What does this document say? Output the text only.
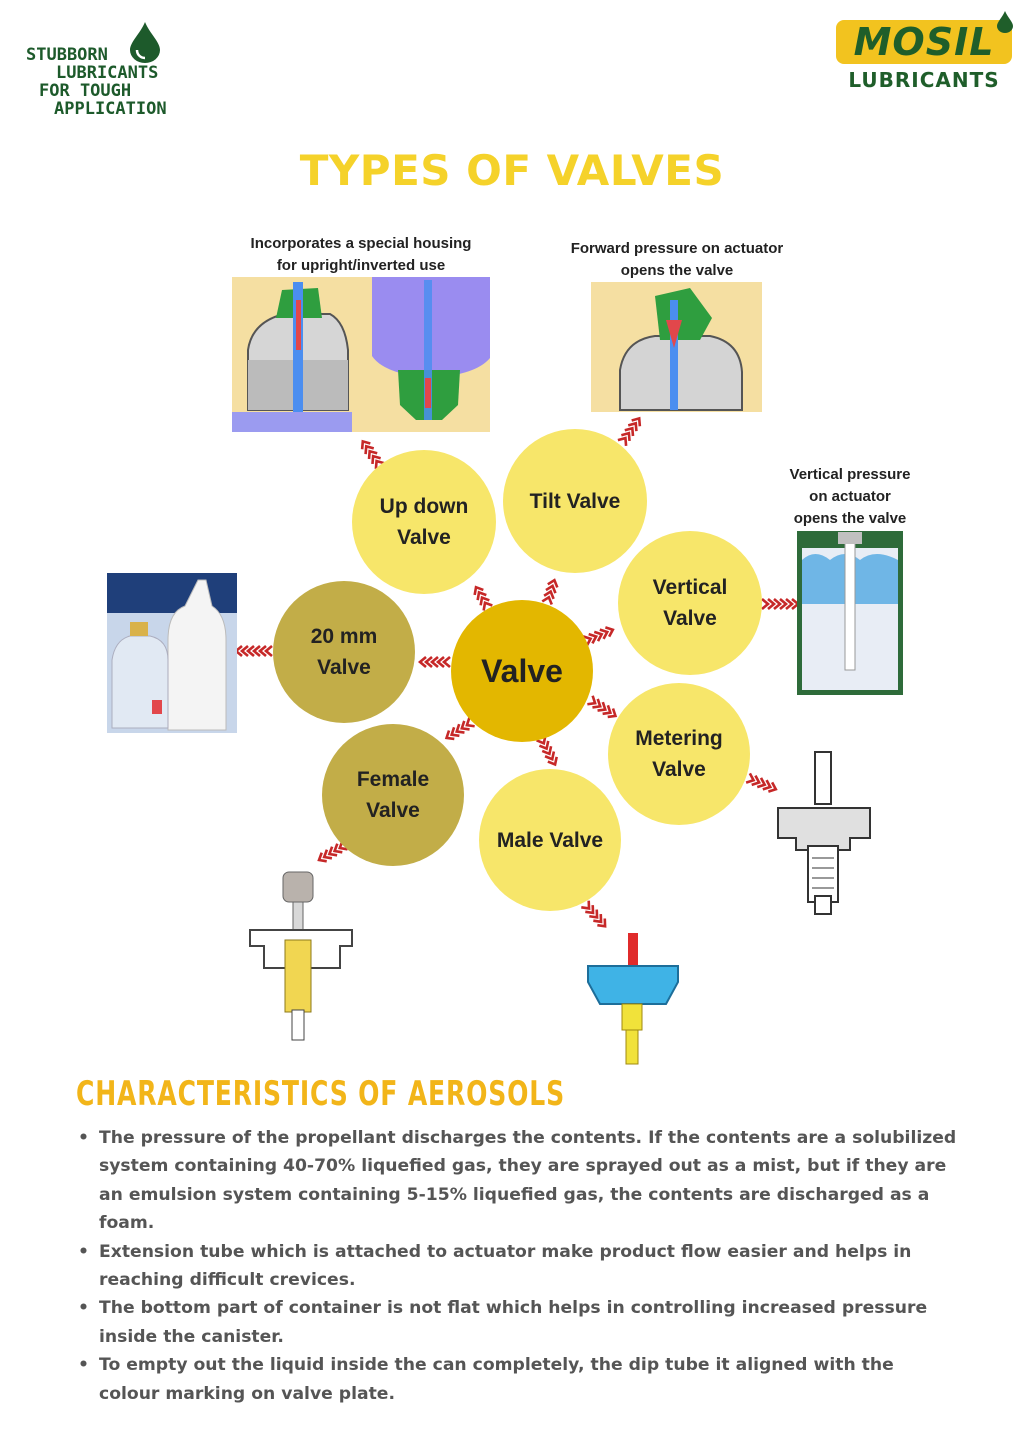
STUBBORN
LUBRICANTS
FOR TOUGH
APPLICATION
MOSIL
LUBRICANTS
TYPES OF VALVES
Incorporates a special housing
for upright/inverted use
Forward pressure on actuator
opens the valve
Vertical pressure
on actuator
opens the valve
Up down Valve
Tilt Valve
Vertical Valve
Metering Valve
Male Valve
Female Valve
20 mm Valve	Valve
CHARACTERISTICS OF AEROSOLS
• The pressure of the propellant discharges the contents. If the contents are a solubilized system containing 40-70% liquefied gas, they are sprayed out as a mist, but if they are an emulsion system containing 5-15% liquefied gas, the contents are discharged as a foam.
• Extension tube which is attached to actuator make product flow easier and helps in reaching difficult crevices.
• The bottom part of container is not flat which helps in controlling increased pressure inside the canister.
• To empty out the liquid inside the can completely, the dip tube it aligned with the colour marking on valve plate.
